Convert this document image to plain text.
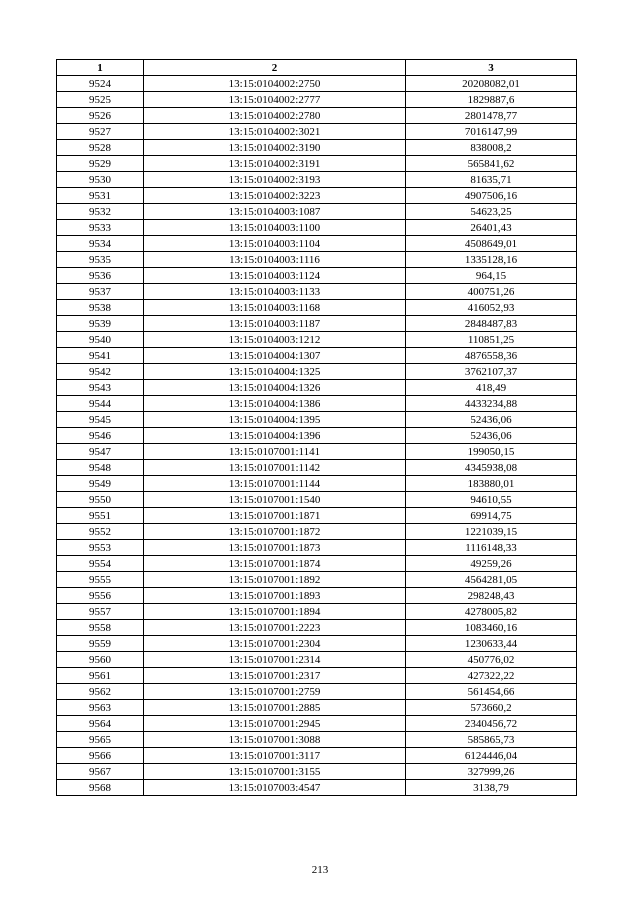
1	2	3
9524	13:15:0104002:2750	20208082,01
9525	13:15:0104002:2777	1829887,6
9526	13:15:0104002:2780	2801478,77
9527	13:15:0104002:3021	7016147,99
9528	13:15:0104002:3190	838008,2
9529	13:15:0104002:3191	565841,62
9530	13:15:0104002:3193	81635,71
9531	13:15:0104002:3223	4907506,16
9532	13:15:0104003:1087	54623,25
9533	13:15:0104003:1100	26401,43
9534	13:15:0104003:1104	4508649,01
9535	13:15:0104003:1116	1335128,16
9536	13:15:0104003:1124	964,15
9537	13:15:0104003:1133	400751,26
9538	13:15:0104003:1168	416052,93
9539	13:15:0104003:1187	2848487,83
9540	13:15:0104003:1212	110851,25
9541	13:15:0104004:1307	4876558,36
9542	13:15:0104004:1325	3762107,37
9543	13:15:0104004:1326	418,49
9544	13:15:0104004:1386	4433234,88
9545	13:15:0104004:1395	52436,06
9546	13:15:0104004:1396	52436,06
9547	13:15:0107001:1141	199050,15
9548	13:15:0107001:1142	4345938,08
9549	13:15:0107001:1144	183880,01
9550	13:15:0107001:1540	94610,55
9551	13:15:0107001:1871	69914,75
9552	13:15:0107001:1872	1221039,15
9553	13:15:0107001:1873	1116148,33
9554	13:15:0107001:1874	49259,26
9555	13:15:0107001:1892	4564281,05
9556	13:15:0107001:1893	298248,43
9557	13:15:0107001:1894	4278005,82
9558	13:15:0107001:2223	1083460,16
9559	13:15:0107001:2304	1230633,44
9560	13:15:0107001:2314	450776,02
9561	13:15:0107001:2317	427322,22
9562	13:15:0107001:2759	561454,66
9563	13:15:0107001:2885	573660,2
9564	13:15:0107001:2945	2340456,72
9565	13:15:0107001:3088	585865,73
9566	13:15:0107001:3117	6124446,04
9567	13:15:0107001:3155	327999,26
9568	13:15:0107003:4547	3138,79
213
